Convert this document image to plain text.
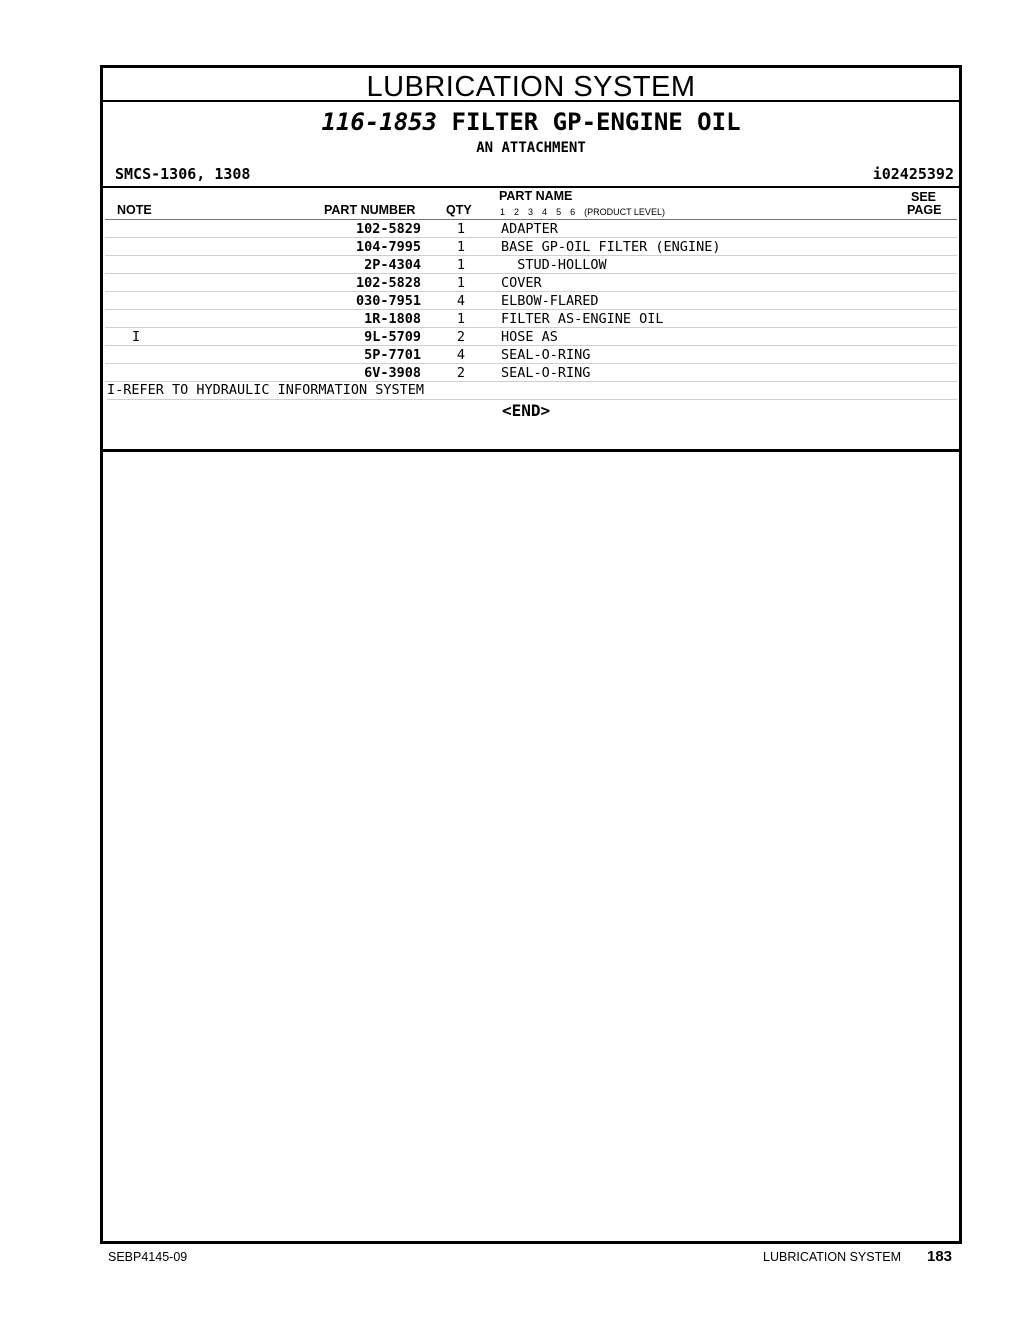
LUBRICATION SYSTEM
116-1853 FILTER GP-ENGINE OIL
AN ATTACHMENT
SMCS-1306, 1308	i02425392
NOTE	PART NUMBER QTY
PART NAME
1 2 3 4 5 6 (PRODUCT LEVEL)
SEE
PAGE
102-5829	1	ADAPTER
104-7995	1	BASE GP-OIL FILTER (ENGINE)
2P-4304	1	STUD-HOLLOW
102-5828	1	COVER
030-7951	4	ELBOW-FLARED
1R-1808	1	FILTER AS-ENGINE OIL
I	9L-5709	2	HOSE AS
5P-7701	4	SEAL-O-RING
6V-3908	2	SEAL-O-RING
I-REFER TO HYDRAULIC INFORMATION SYSTEM
<END>
SEBP4145-09	LUBRICATION SYSTEM 183
